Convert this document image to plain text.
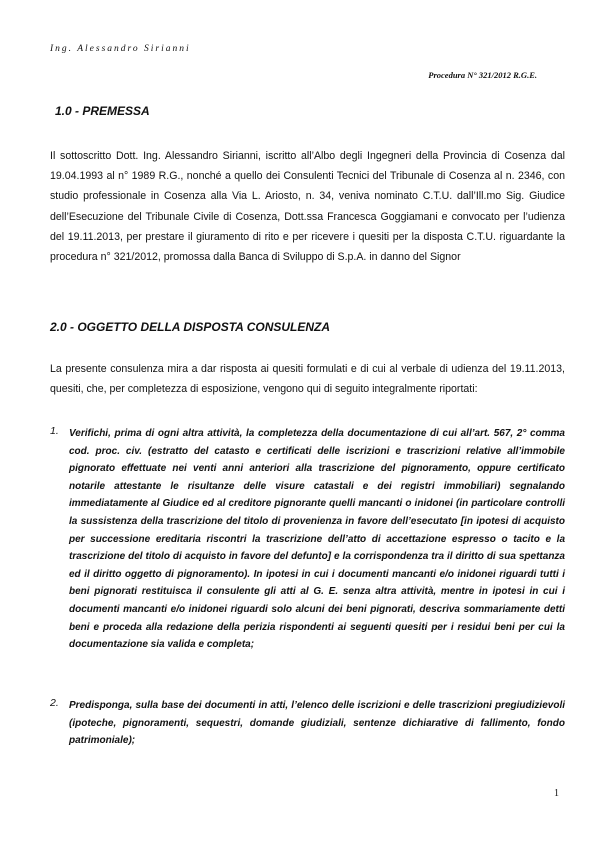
Ing. Alessandro Sirianni
Procedura N° 321/2012 R.G.E.
1.0 - PREMESSA
Il sottoscritto Dott. Ing. Alessandro Sirianni, iscritto all’Albo degli Ingegneri della Provincia di Cosenza dal 19.04.1993 al n° 1989 R.G., nonché a quello dei Consulenti Tecnici del Tribunale di Cosenza al n. 2346, con studio professionale in Cosenza alla Via L. Ariosto, n. 34, veniva nominato C.T.U. dall’Ill.mo Sig. Giudice dell’Esecuzione del Tribunale Civile di Cosenza, Dott.ssa Francesca Goggiamani e convocato per l’udienza del 19.11.2013, per prestare il giuramento di rito e per ricevere i quesiti per la disposta C.T.U. riguardante la procedura n° 321/2012, promossa dalla Banca di Sviluppo di S.p.A. in danno del Signor
2.0 - OGGETTO DELLA DISPOSTA CONSULENZA
La presente consulenza mira a dar risposta ai quesiti formulati e di cui al verbale di udienza del 19.11.2013, quesiti, che, per completezza di esposizione, vengono qui di seguito integralmente riportati:
1. Verifichi, prima di ogni altra attività, la completezza della documentazione di cui all’art. 567, 2° comma cod. proc. civ. (estratto del catasto e certificati delle iscrizioni e trascrizioni relative all’immobile pignorato effettuate nei venti anni anteriori alla trascrizione del pignoramento, oppure certificato notarile attestante le risultanze delle visure catastali e dei registri immobiliari) segnalando immediatamente al Giudice ed al creditore pignorante quelli mancanti o inidonei (in particolare controlli la sussistenza della trascrizione del titolo di provenienza in favore dell’esecutato [in ipotesi di acquisto per successione ereditaria riscontri la trascrizione dell’atto di accettazione espresso o tacito e la trascrizione del titolo di acquisto in favore del defunto] e la corrispondenza tra il diritto di sua spettanza ed il diritto oggetto di pignoramento). In ipotesi in cui i documenti mancanti e/o inidonei riguardi tutti i beni pignorati restituisca il consulente gli atti al G. E. senza altra attività, mentre in ipotesi in cui i documenti mancanti e/o inidonei riguardi solo alcuni dei beni pignorati, descriva sommariamente detti beni e proceda alla redazione della perizia rispondenti ai seguenti quesiti per i residui beni per cui la documentazione sia valida e completa;
2. Predisponga, sulla base dei documenti in atti, l’elenco delle iscrizioni e delle trascrizioni pregiudizievoli (ipoteche, pignoramenti, sequestri, domande giudiziali, sentenze dichiarative di fallimento, fondo patrimoniale);
1
